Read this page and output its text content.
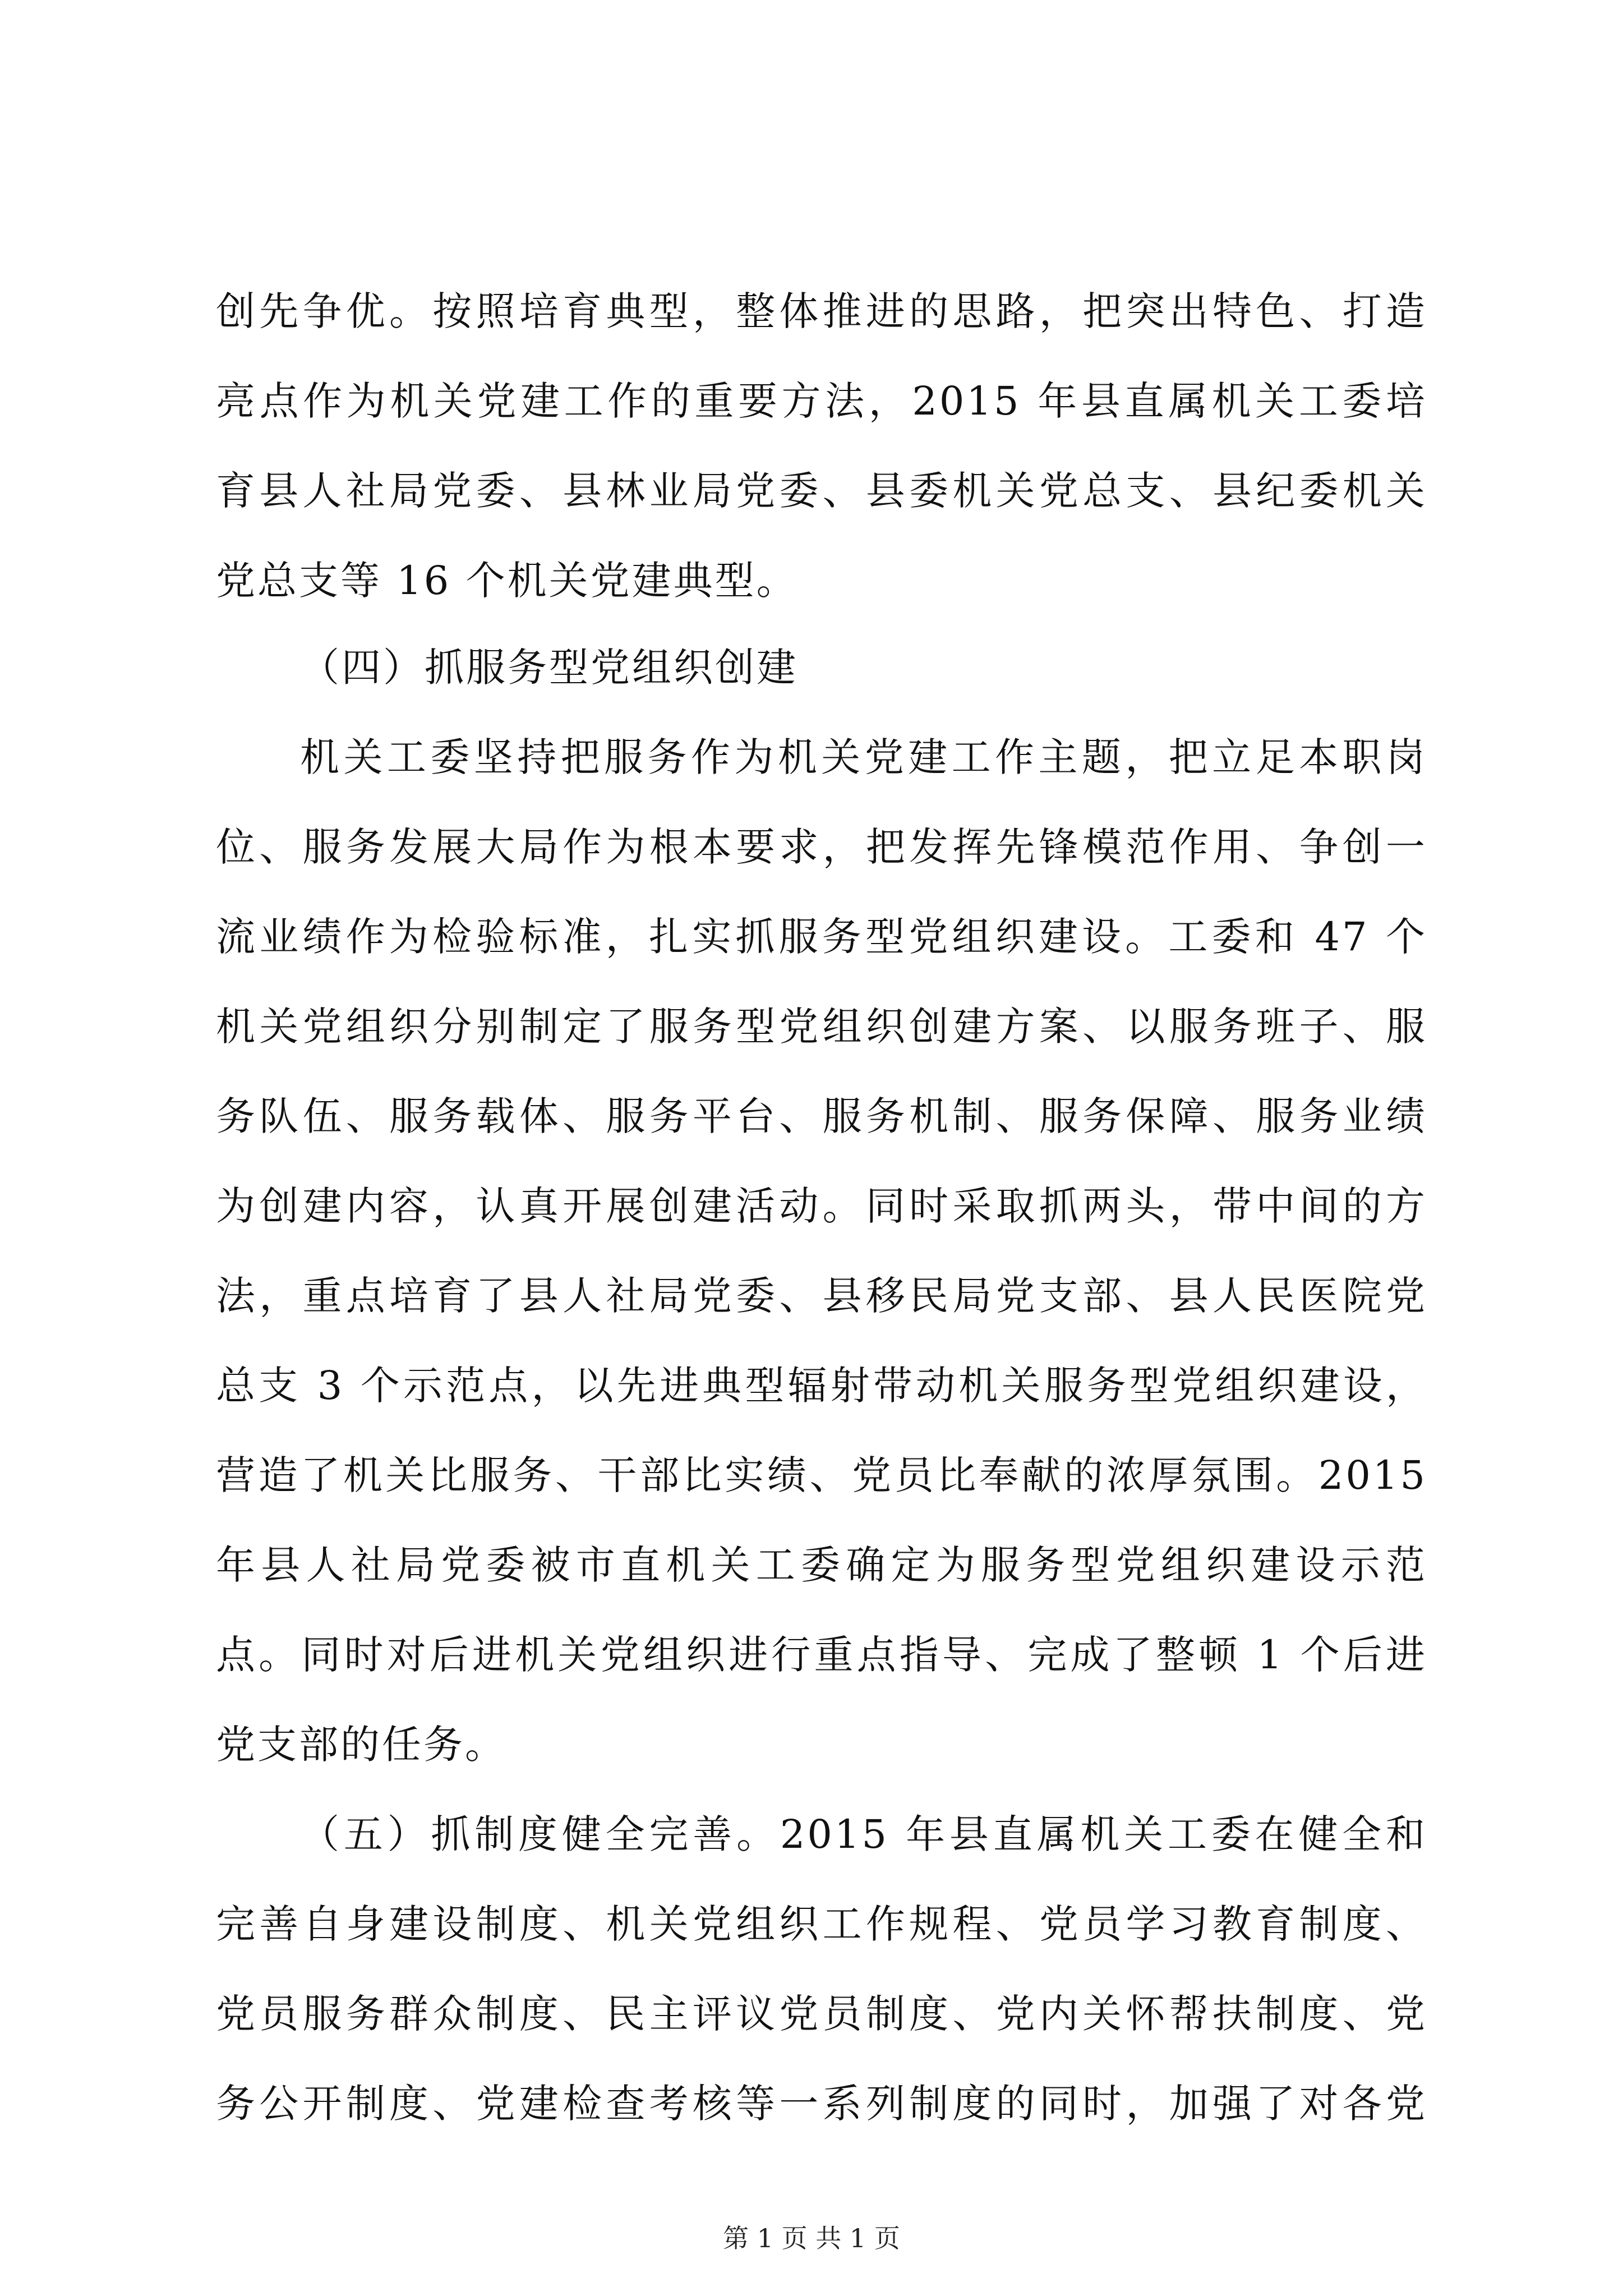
创先争优。按照培育典型，整体推进的思路，把突出特色、打造
亮点作为机关党建工作的重要方法，2015 年县直属机关工委培
育县人社局党委、县林业局党委、县委机关党总支、县纪委机关
党总支等 16 个机关党建典型。
（四）抓服务型党组织创建
机关工委坚持把服务作为机关党建工作主题，把立足本职岗
位、服务发展大局作为根本要求，把发挥先锋模范作用、争创一
流业绩作为检验标准，扎实抓服务型党组织建设。工委和 47 个
机关党组织分别制定了服务型党组织创建方案、以服务班子、服
务队伍、服务载体、服务平台、服务机制、服务保障、服务业绩
为创建内容，认真开展创建活动。同时采取抓两头，带中间的方
法，重点培育了县人社局党委、县移民局党支部、县人民医院党
总支 3 个示范点，以先进典型辐射带动机关服务型党组织建设，
营造了机关比服务、干部比实绩、党员比奉献的浓厚氛围。2015
年县人社局党委被市直机关工委确定为服务型党组织建设示范
点。同时对后进机关党组织进行重点指导、完成了整顿 1 个后进
党支部的任务。
（五）抓制度健全完善。2015 年县直属机关工委在健全和
完善自身建设制度、机关党组织工作规程、党员学习教育制度、
党员服务群众制度、民主评议党员制度、党内关怀帮扶制度、党
务公开制度、党建检查考核等一系列制度的同时，加强了对各党
第 1 页 共 1 页
